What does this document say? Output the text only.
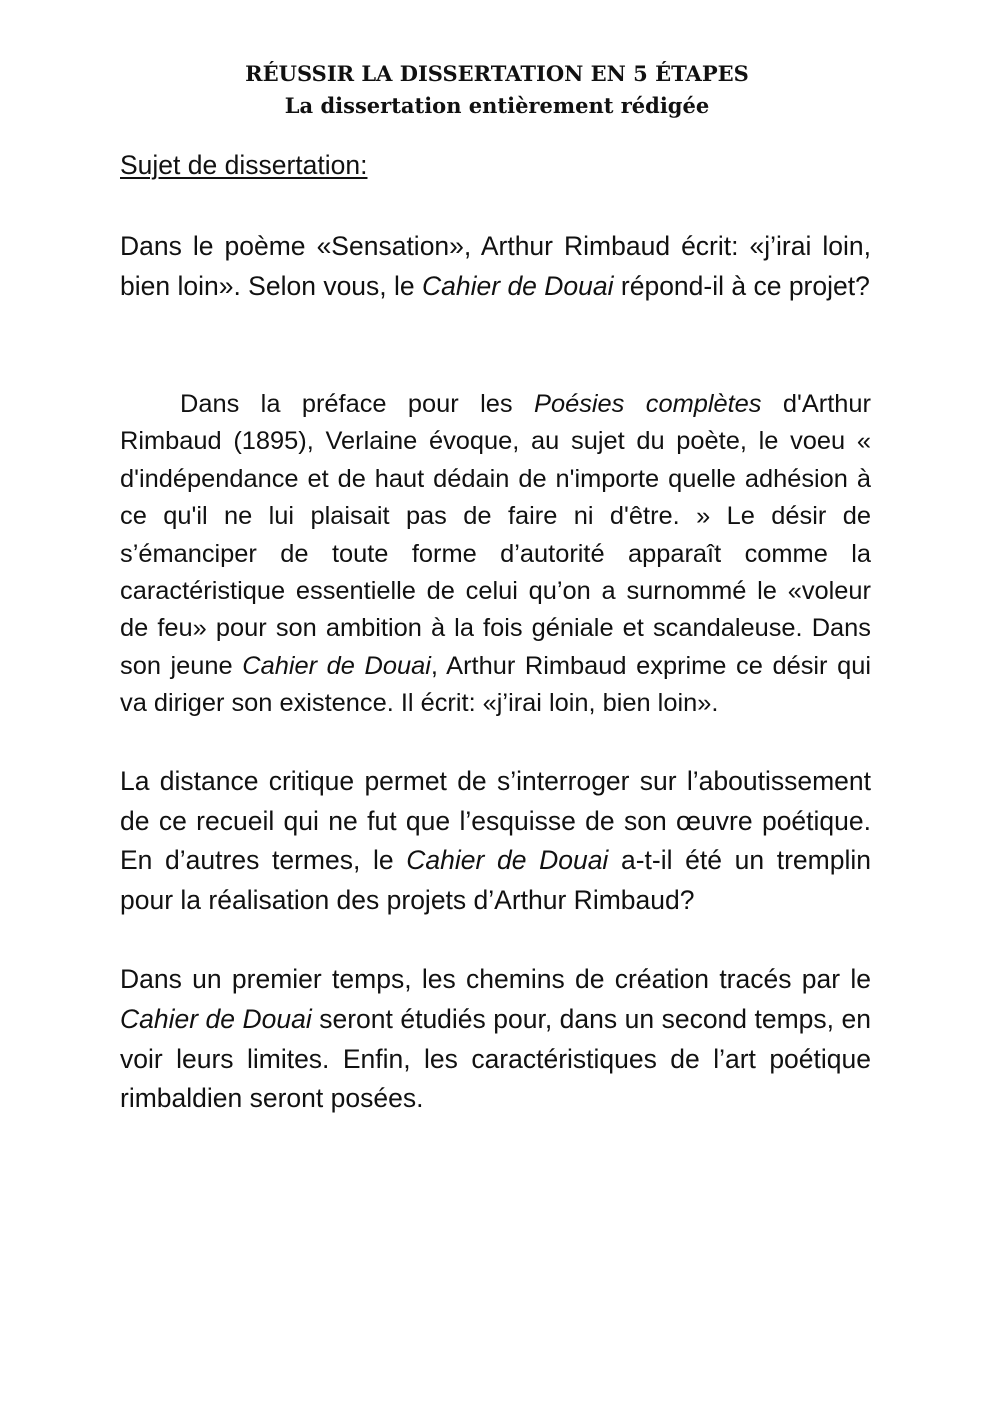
RÉUSSIR LA DISSERTATION EN 5 ÉTAPES
La dissertation entièrement rédigée

Sujet de dissertation:

Dans le poème «Sensation», Arthur Rimbaud écrit: «j’irai loin, bien loin». Selon vous, le Cahier de Douai répond-il à ce projet?

Dans la préface pour les Poésies complètes d'Arthur Rimbaud (1895), Verlaine évoque, au sujet du poète, le voeu « d'indépendance et de haut dédain de n'importe quelle adhésion à ce qu'il ne lui plaisait pas de faire ni d'être. » Le désir de s’émanciper de toute forme d’autorité apparaît comme la caractéristique essentielle de celui qu’on a surnommé le «voleur de feu» pour son ambition à la fois géniale et scandaleuse. Dans son jeune Cahier de Douai, Arthur Rimbaud exprime ce désir qui va diriger son existence. Il écrit: «j’irai loin, bien loin».

La distance critique permet de s’interroger sur l’aboutissement de ce recueil qui ne fut que l’esquisse de son œuvre poétique. En d’autres termes, le Cahier de Douai a-t-il été un tremplin pour la réalisation des projets d’Arthur Rimbaud?

Dans un premier temps, les chemins de création tracés par le Cahier de Douai seront étudiés pour, dans un second temps, en voir leurs limites. Enfin, les caractéristiques de l’art poétique rimbaldien seront posées.
